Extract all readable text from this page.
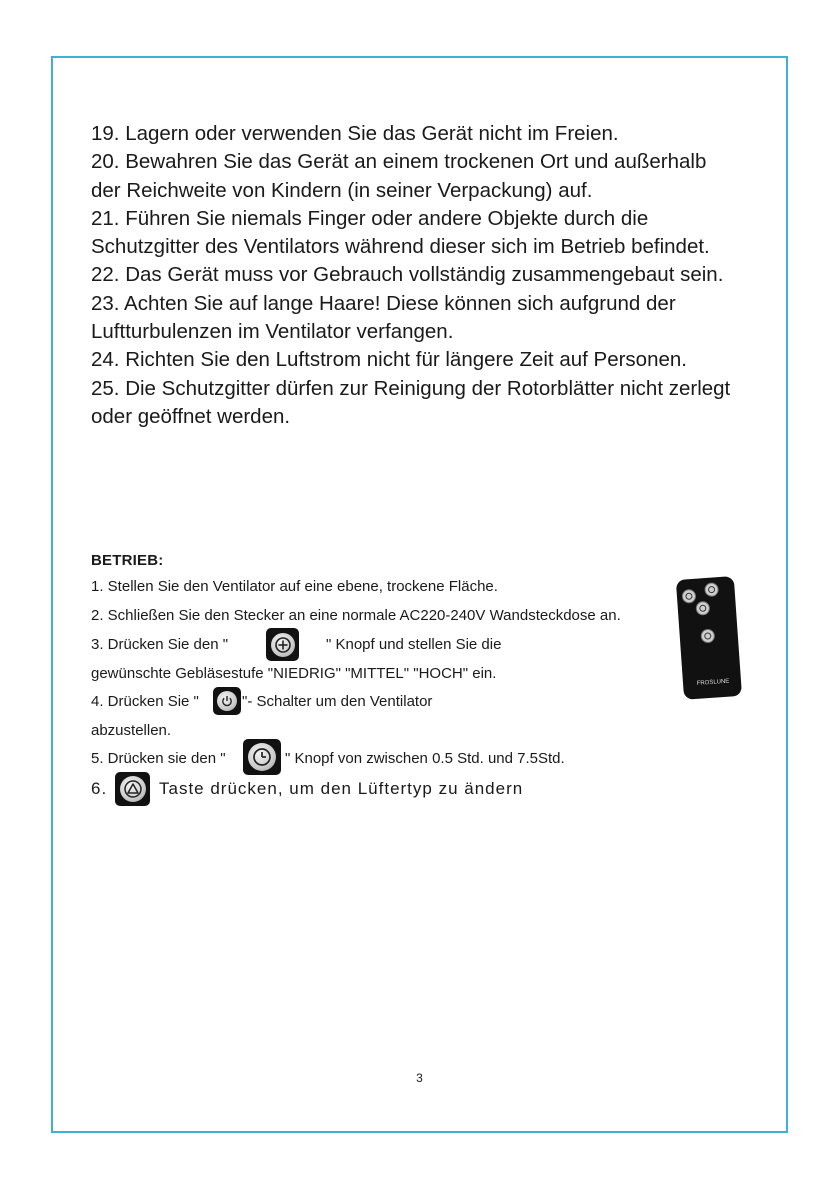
19. Lagern oder verwenden Sie das Gerät nicht im Freien.

20. Bewahren Sie das Gerät an einem trockenen Ort und außerhalb der Reichweite von Kindern (in seiner Verpackung) auf.

21. Führen Sie niemals Finger oder andere Objekte durch die Schutzgitter des Ventilators während dieser sich im Betrieb befindet.

22. Das Gerät muss vor Gebrauch vollständig zusammengebaut sein.

23. Achten Sie auf lange Haare! Diese können sich aufgrund der Luftturbulenzen im Ventilator verfangen.

24. Richten Sie den Luftstrom nicht für längere Zeit auf Personen.

25. Die Schutzgitter dürfen zur Reinigung der Rotorblätter nicht zerlegt oder geöffnet werden.

BETRIEB:
1. Stellen Sie den Ventilator auf eine ebene, trockene Fläche.
2. Schließen Sie den Stecker an eine normale AC220-240V Wandsteckdose an.
3. Drücken Sie den "	" Knopf und stellen Sie die
gewünschte Gebläsestufe "NIEDRIG" "MITTEL" "HOCH" ein.
4. Drücken Sie "	"- Schalter um den Ventilator
abzustellen.
5. Drücken sie den "	" Knopf von zwischen 0.5 Std. und 7.5Std.
6.	Taste drücken, um den Lüftertyp zu ändern
FROSLUNE
3
